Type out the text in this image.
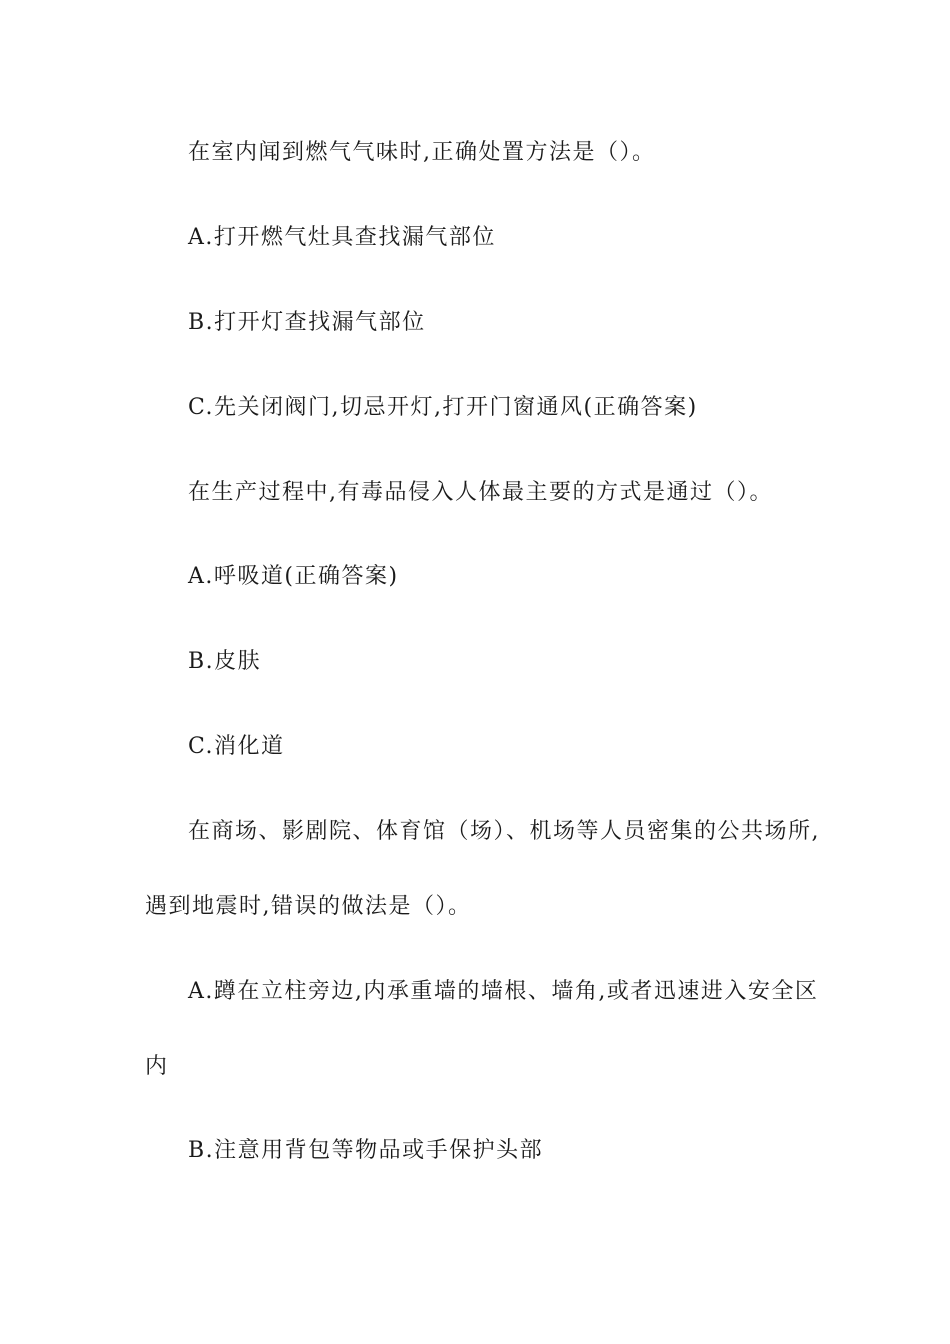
在室内闻到燃气气味时,正确处置方法是（）。
A.打开燃气灶具查找漏气部位
B.打开灯查找漏气部位
C.先关闭阀门,切忌开灯,打开门窗通风(正确答案)
在生产过程中,有毒品侵入人体最主要的方式是通过（）。
A.呼吸道(正确答案)
B.皮肤
C.消化道
在商场、影剧院、体育馆（场）、机场等人员密集的公共场所,
遇到地震时,错误的做法是（）。
A.蹲在立柱旁边,内承重墙的墙根、墙角,或者迅速进入安全区
内
B.注意用背包等物品或手保护头部
